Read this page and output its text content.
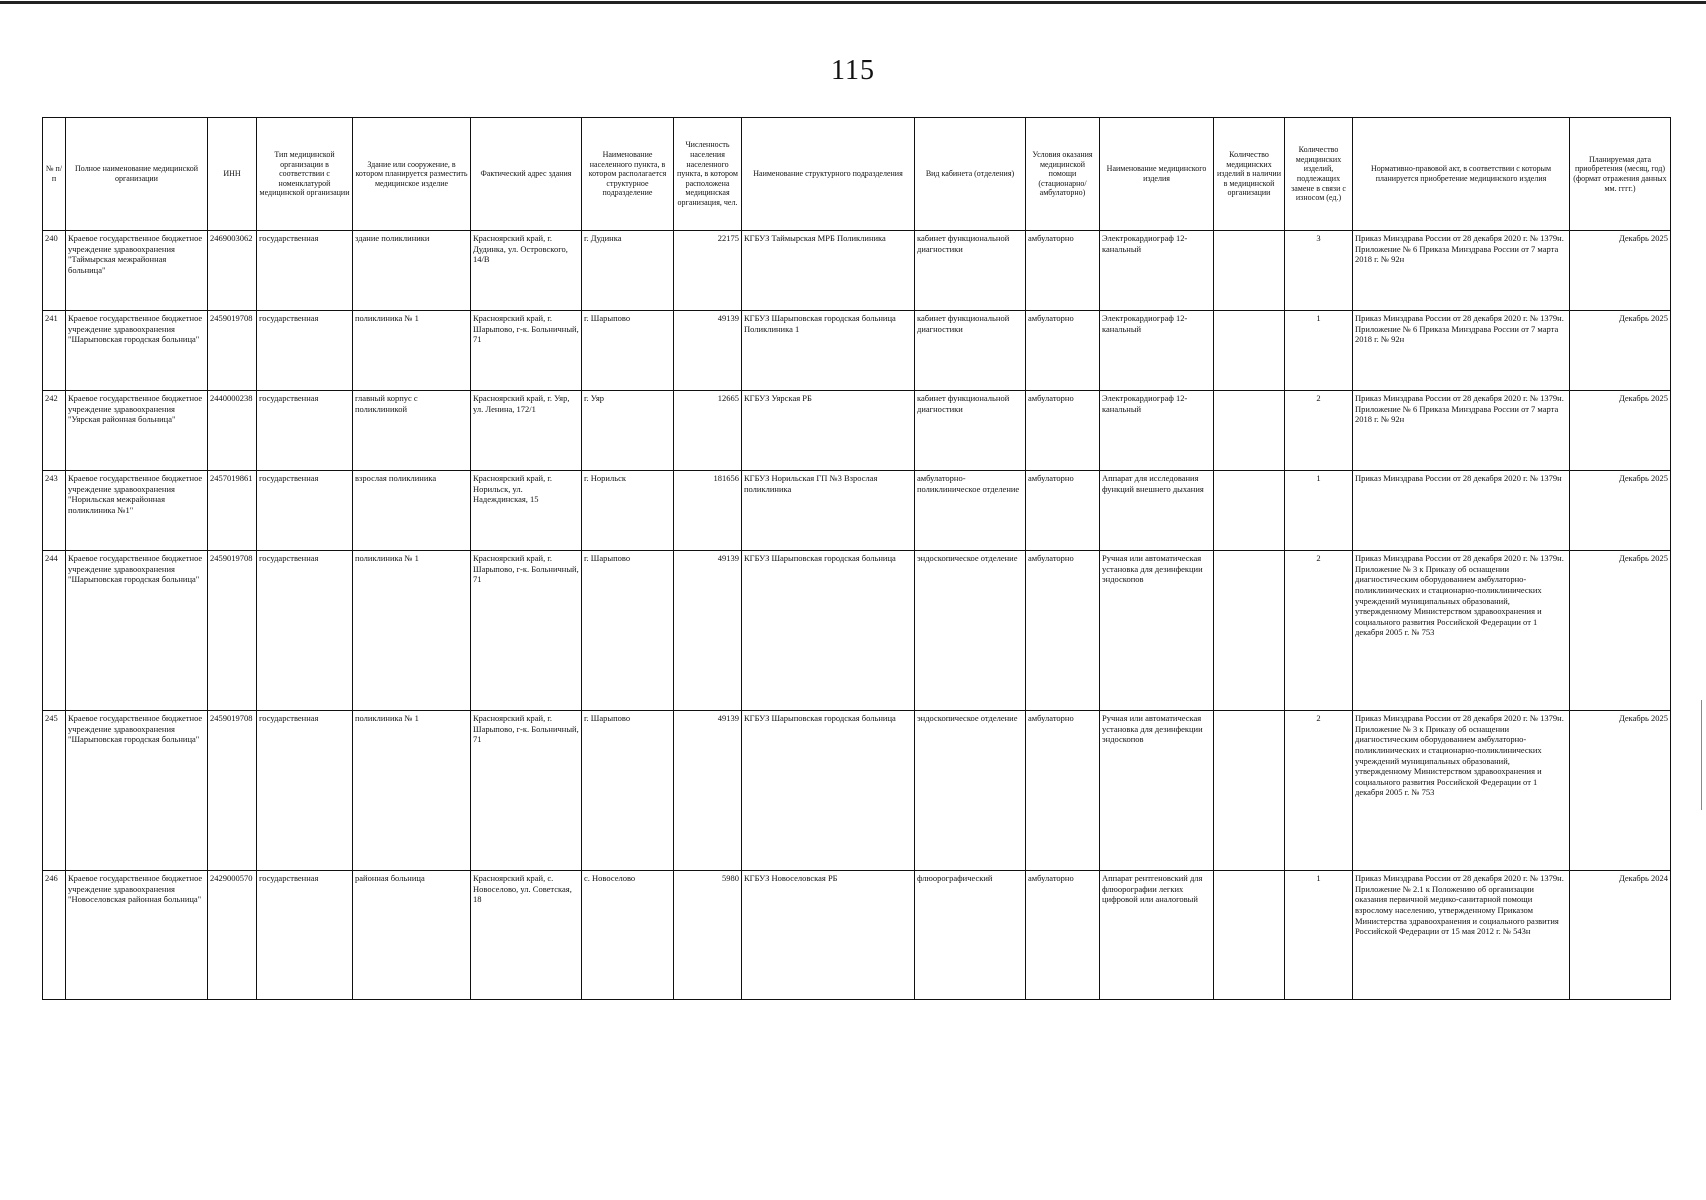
115
№ п/п	Полное наименование медицинской организации	ИНН	Тип медицинской организации в соответствии с номенклатурой медицинской организации	Здание или сооружение, в котором планируется разместить медицинское изделие	Фактический адрес здания	Наименование населенного пункта, в котором располагается структурное подразделение	Численность населения населенного пункта, в котором расположена медицинская организация, чел.	Наименование структурного подразделения	Вид кабинета (отделения)	Условия оказания медицинской помощи (стационарно/ амбулаторно)	Наименование медицинского изделия	Количество медицинских изделий в наличии в медицинской организации	Количество медицинских изделий, подлежащих замене в связи с износом (ед.)	Нормативно-правовой акт, в соответствии с которым планируется приобретение медицинского изделия	Планируемая дата приобретения (месяц, год) (формат отражения данных мм. гггг.)
240	Краевое государственное бюджетное учреждение здравоохранения "Таймырская межрайонная больница"	2469003062	государственная	здание поликлиники	Красноярский край, г. Дудинка, ул. Островского, 14/В	г. Дудинка	22175	КГБУЗ Таймырская МРБ Поликлиника	кабинет функциональной диагностики	амбулаторно	Электрокардиограф 12-канальный		3	Приказ Минздрава России от 28 декабря 2020 г. № 1379н. Приложение № 6 Приказа Минздрава России от 7 марта 2018 г. № 92н	Декабрь 2025
241	Краевое государственное бюджетное учреждение здравоохранения "Шарыповская городская больница"	2459019708	государственная	поликлиника № 1	Красноярский край, г. Шарыпово, г-к. Больничный, 71	г. Шарыпово	49139	КГБУЗ Шарыповская городская больница Поликлиника 1	кабинет функциональной диагностики	амбулаторно	Электрокардиограф 12-канальный		1	Приказ Минздрава России от 28 декабря 2020 г. № 1379н. Приложение № 6 Приказа Минздрава России от 7 марта 2018 г. № 92н	Декабрь 2025
242	Краевое государственное бюджетное учреждение здравоохранения "Уярская районная больница"	2440000238	государственная	главный корпус с поликлиникой	Красноярский край, г. Уяр, ул. Ленина, 172/1	г. Уяр	12665	КГБУЗ Уярская РБ	кабинет функциональной диагностики	амбулаторно	Электрокардиограф 12-канальный		2	Приказ Минздрава России от 28 декабря 2020 г. № 1379н. Приложение № 6 Приказа Минздрава России от 7 марта 2018 г. № 92н	Декабрь 2025
243	Краевое государственное бюджетное учреждение здравоохранения "Норильская межрайонная поликлиника №1"	2457019861	государственная	взрослая поликлиника	Красноярский край, г. Норильск, ул. Надеждинская, 15	г. Норильск	181656	КГБУЗ Норильская ГП №3 Взрослая поликлиника	амбулаторно-поликлиническое отделение	амбулаторно	Аппарат для исследования функций внешнего дыхания		1	Приказ Минздрава России от 28 декабря 2020 г. № 1379н	Декабрь 2025
244	Краевое государственное бюджетное учреждение здравоохранения "Шарыповская городская больница"	2459019708	государственная	поликлиника № 1	Красноярский край, г. Шарыпово, г-к. Больничный, 71	г. Шарыпово	49139	КГБУЗ Шарыповская городская больница	эндоскопическое отделение	амбулаторно	Ручная или автоматическая установка для дезинфекции эндоскопов		2	Приказ Минздрава России от 28 декабря 2020 г. № 1379н. Приложение № 3 к Приказу об оснащении диагностическим оборудованием амбулаторно-поликлинических и стационарно-поликлинических учреждений муниципальных образований, утвержденному Министерством здравоохранения и социального развития Российской Федерации от 1 декабря 2005 г. № 753	Декабрь 2025
245	Краевое государственное бюджетное учреждение здравоохранения "Шарыповская городская больница"	2459019708	государственная	поликлиника № 1	Красноярский край, г. Шарыпово, г-к. Больничный, 71	г. Шарыпово	49139	КГБУЗ Шарыповская городская больница	эндоскопическое отделение	амбулаторно	Ручная или автоматическая установка для дезинфекции эндоскопов		2	Приказ Минздрава России от 28 декабря 2020 г. № 1379н. Приложение № 3 к Приказу об оснащении диагностическим оборудованием амбулаторно-поликлинических и стационарно-поликлинических учреждений муниципальных образований, утвержденному Министерством здравоохранения и социального развития Российской Федерации от 1 декабря 2005 г. № 753	Декабрь 2025
246	Краевое государственное бюджетное учреждение здравоохранения "Новоселовская районная больница"	2429000570	государственная	районная больница	Красноярский край, с. Новоселово, ул. Советская, 18	с. Новоселово	5980	КГБУЗ Новоселовская РБ	флюорографический	амбулаторно	Аппарат рентгеновский для флюорографии легких цифровой или аналоговый		1	Приказ Минздрава России от 28 декабря 2020 г. № 1379н. Приложение № 2.1 к Положению об организации оказания первичной медико-санитарной помощи взрослому населению, утвержденному Приказом Министерства здравоохранения и социального развития Российской Федерации от 15 мая 2012 г. № 543н	Декабрь 2024
